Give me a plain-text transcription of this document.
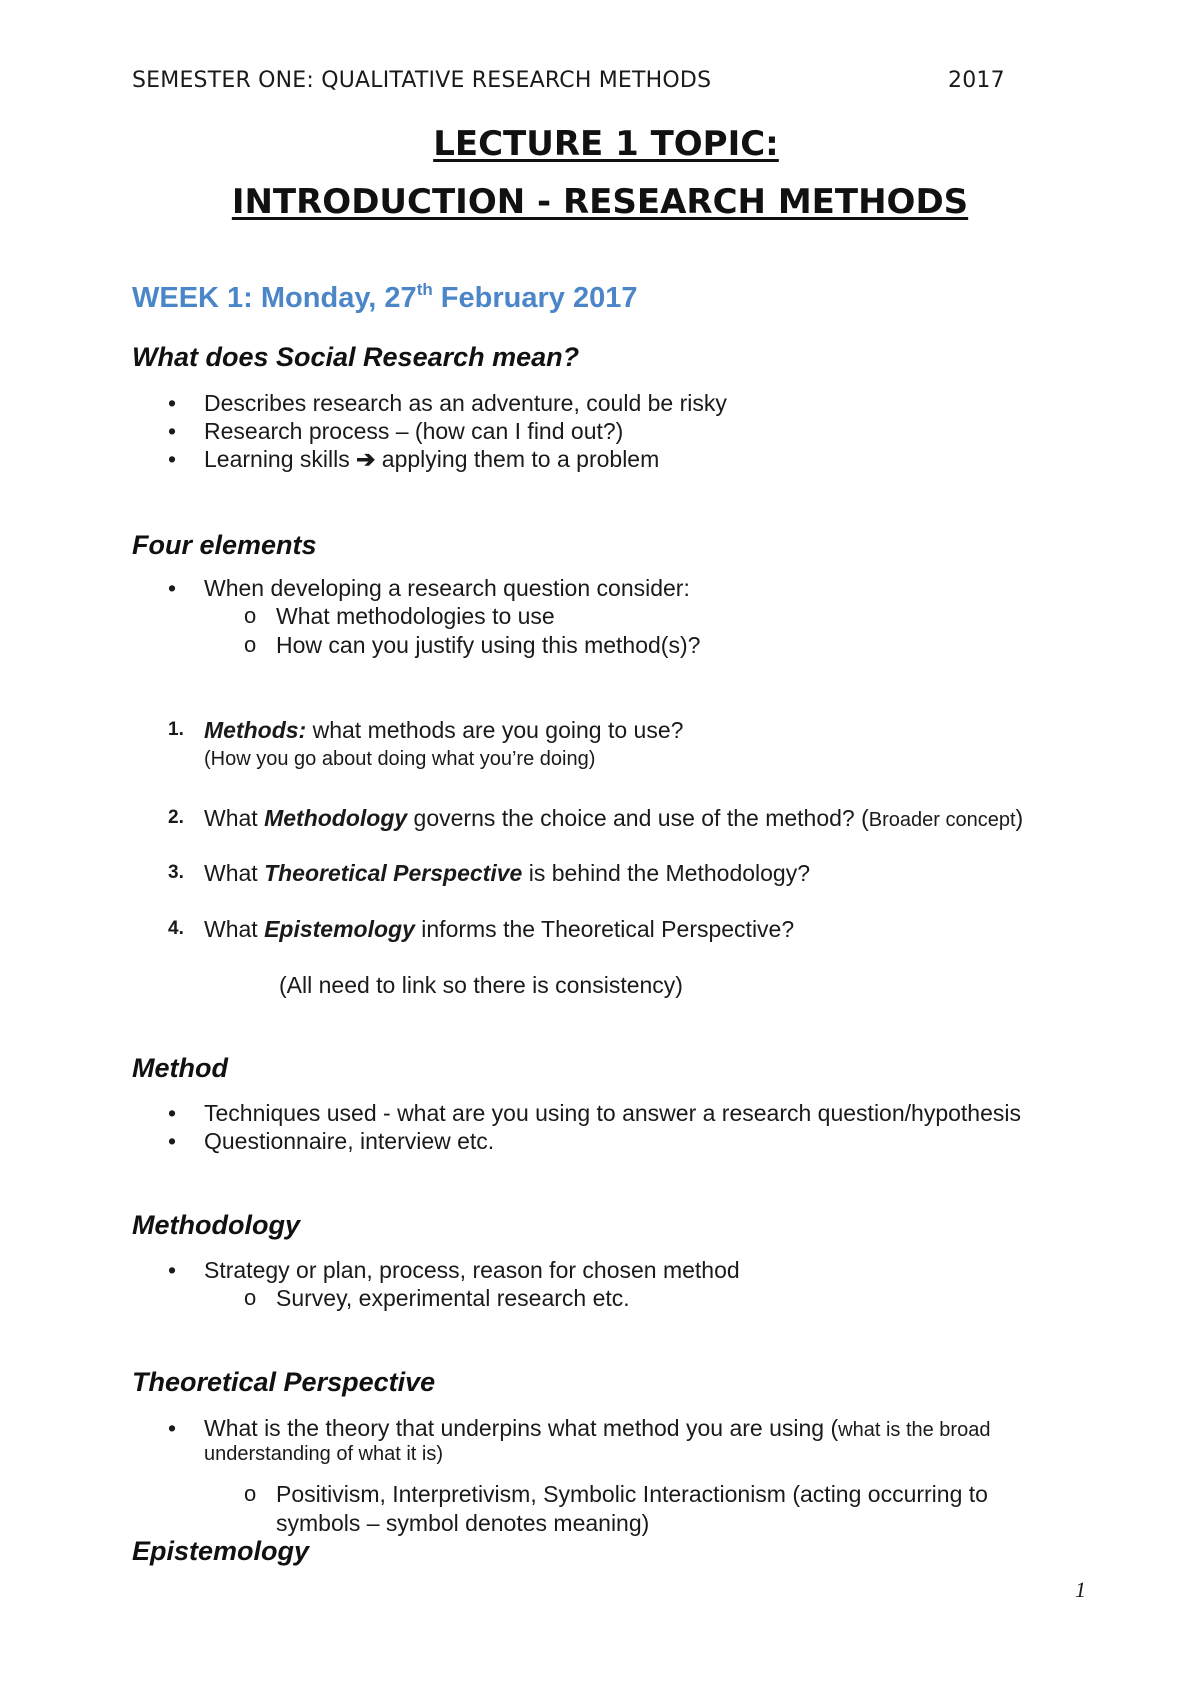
SEMESTER ONE: QUALITATIVE RESEARCH METHODS	2017
LECTURE 1 TOPIC:
INTRODUCTION - RESEARCH METHODS
WEEK 1: Monday, 27th February 2017
What does Social Research mean?
• Describes research as an adventure, could be risky
• Research process – (how can I find out?)
• Learning skills ➔ applying them to a problem
Four elements
• When developing a research question consider:
o What methodologies to use
o How can you justify using this method(s)?
1. Methods: what methods are you going to use?
(How you go about doing what you’re doing)
2. What Methodology governs the choice and use of the method? (Broader concept)
3. What Theoretical Perspective is behind the Methodology?
4. What Epistemology informs the Theoretical Perspective?
(All need to link so there is consistency)
Method
• Techniques used - what are you using to answer a research question/hypothesis
• Questionnaire, interview etc.
Methodology
• Strategy or plan, process, reason for chosen method
o Survey, experimental research etc.
Theoretical Perspective
• What is the theory that underpins what method you are using (what is the broad
understanding of what it is)
o Positivism, Interpretivism, Symbolic Interactionism (acting occurring to
symbols – symbol denotes meaning)
Epistemology
1
